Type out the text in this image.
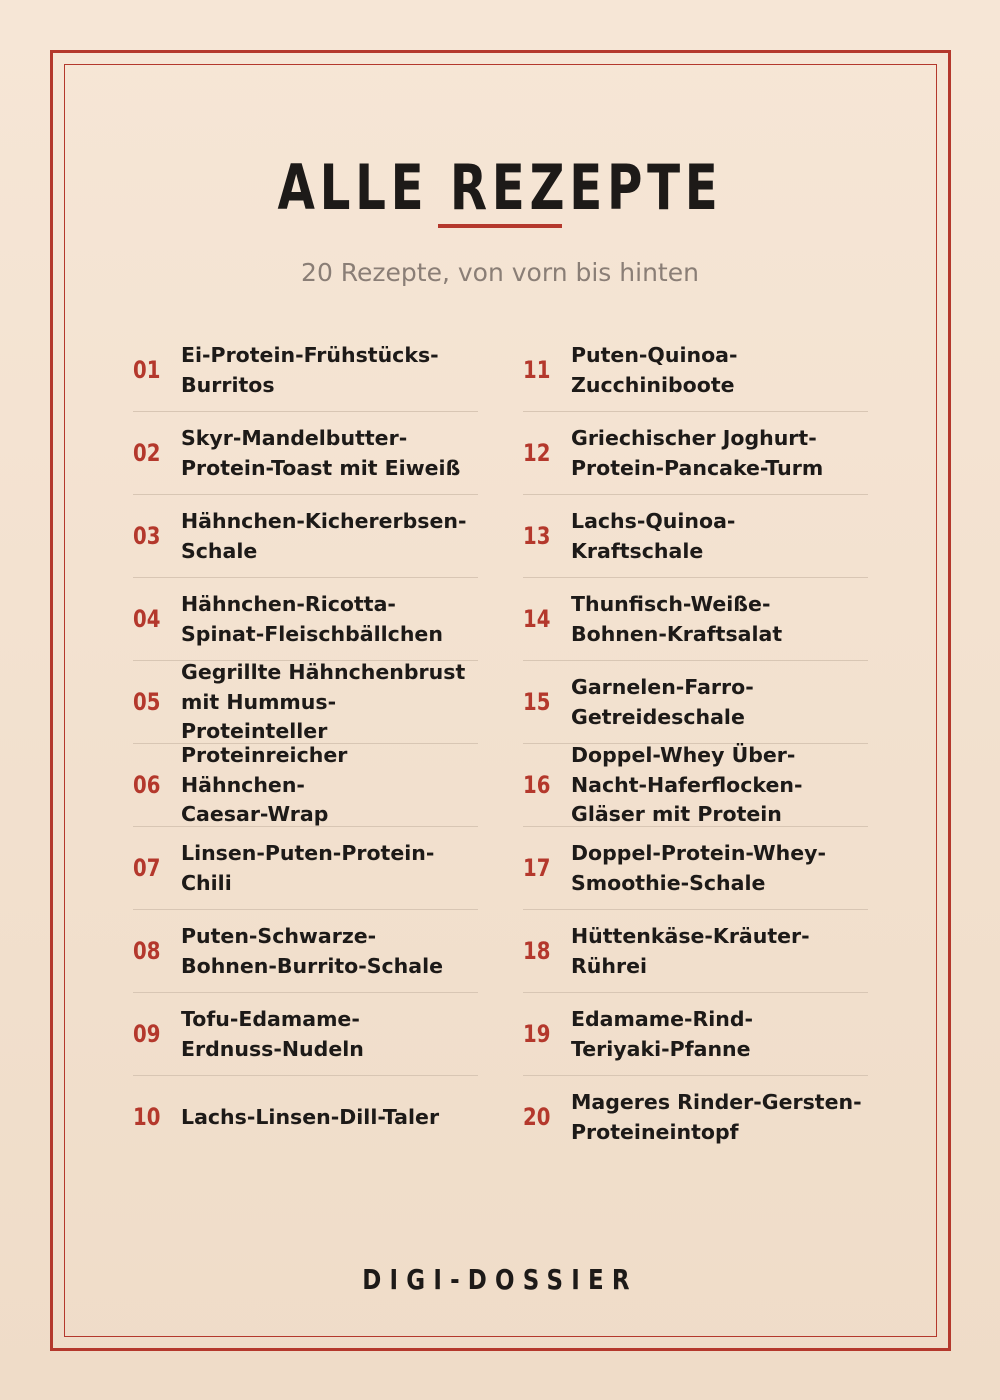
ALLE REZEPTE

20 Rezepte, von vorn bis hinten

01
Ei-Protein-Frühstücks-
Burritos
02
Skyr-Mandelbutter-
Protein-Toast mit Eiweiß
03
Hähnchen-Kichererbsen-
Schale
04
Hähnchen-Ricotta-
Spinat-Fleischbällchen
05
Gegrillte Hähnchenbrust
mit Hummus-
Proteinteller
06
Proteinreicher Hähnchen-
Caesar-Wrap
07
Linsen-Puten-Protein-
Chili
08
Puten-Schwarze-
Bohnen-Burrito-Schale
09
Tofu-Edamame-
Erdnuss-Nudeln
10 Lachs-Linsen-Dill-Taler
11
Puten-Quinoa-
Zucchiniboote
12
Griechischer Joghurt-
Protein-Pancake-Turm
13
Lachs-Quinoa-
Kraftschale
14
Thunfisch-Weiße-
Bohnen-Kraftsalat
15
Garnelen-Farro-
Getreideschale
16
Doppel-Whey Über-
Nacht-Haferflocken-
Gläser mit Protein
17
Doppel-Protein-Whey-
Smoothie-Schale
18
Hüttenkäse-Kräuter-
Rührei
19
Edamame-Rind-
Teriyaki-Pfanne
20
Mageres Rinder-Gersten-
Proteineintopf
DIGI-DOSSIER
